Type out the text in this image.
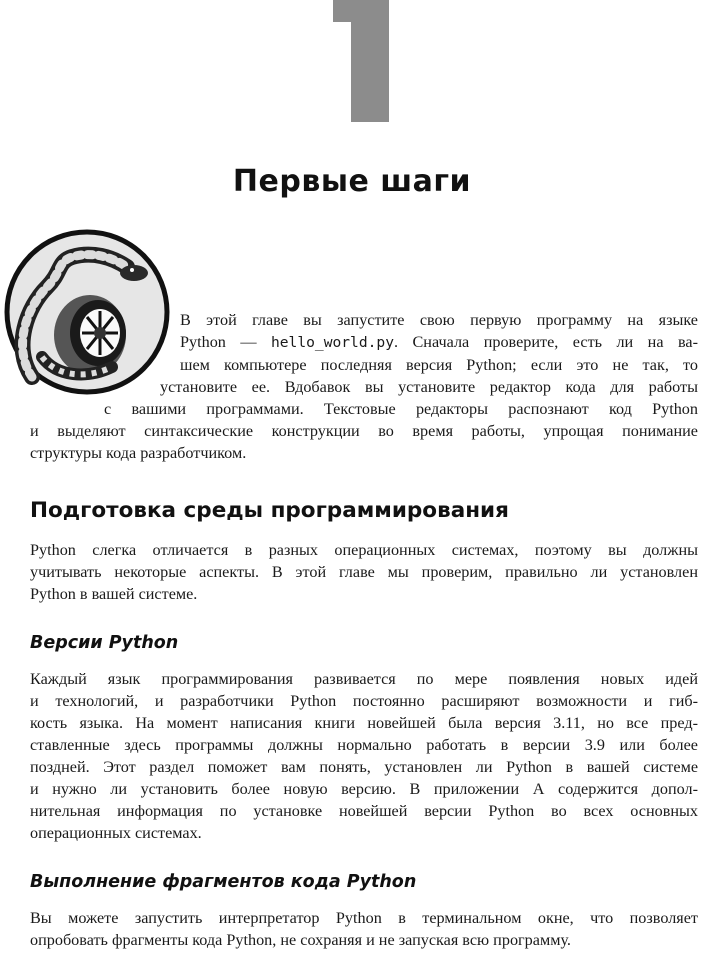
Первые шаги

В этой главе вы запустите свою первую программу на языке
Python — hello_world.py. Сначала проверите, есть ли на ва-
шем компьютере последняя версия Python; если это не так, то
установите ее. Вдобавок вы установите редактор кода для работы
с вашими программами. Текстовые редакторы распознают код Python
и выделяют синтаксические конструкции во время работы, упрощая понимание
структуры кода разработчиком.

Подготовка среды программирования

Python слегка отличается в разных операционных системах, поэтому вы должны
учитывать некоторые аспекты. В этой главе мы проверим, правильно ли установлен
Python в вашей системе.

Версии Python

Каждый язык программирования развивается по мере появления новых идей
и технологий, и разработчики Python постоянно расширяют возможности и гиб-
кость языка. На момент написания книги новейшей была версия 3.11, но все пред-
ставленные здесь программы должны нормально работать в версии 3.9 или более
поздней. Этот раздел поможет вам понять, установлен ли Python в вашей системе
и нужно ли установить более новую версию. В приложении А содержится допол-
нительная информация по установке новейшей версии Python во всех основных
операционных системах.

Выполнение фрагментов кода Python

Вы можете запустить интерпретатор Python в терминальном окне, что позволяет
опробовать фрагменты кода Python, не сохраняя и не запуская всю программу.
